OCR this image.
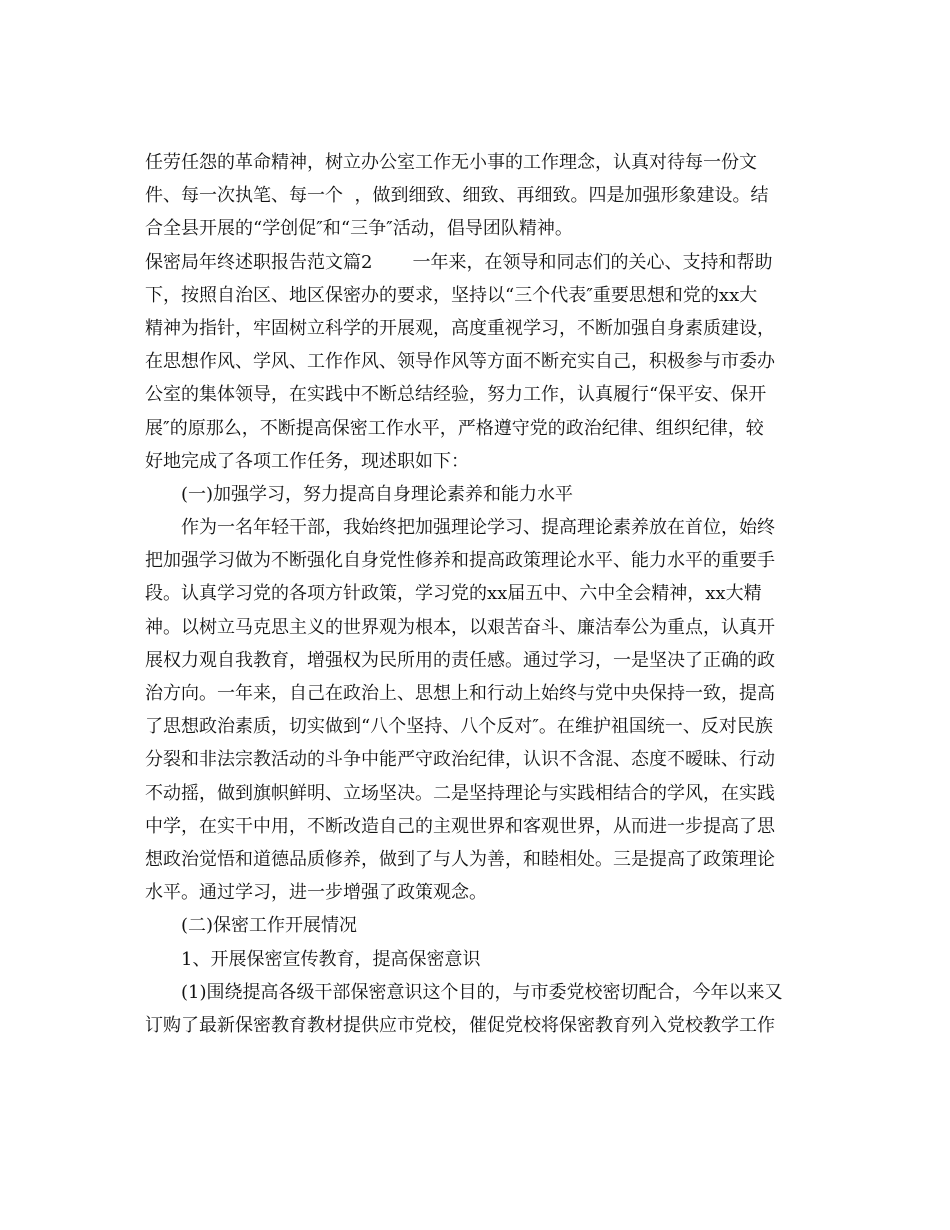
任劳任怨的革命精神，树立办公室工作无小事的工作理念，认真对待每一份文
件、每一次执笔、每一个  ，做到细致、细致、再细致。四是加强形象建设。结
合全县开展的“学创促″和“三争″活动，倡导团队精神。
保密局年终述职报告范文篇2       一年来，在领导和同志们的关心、支持和帮助
下，按照自治区、地区保密办的要求，坚持以“三个代表″重要思想和党的xx大
精神为指针，牢固树立科学的开展观，高度重视学习，不断加强自身素质建设，
在思想作风、学风、工作作风、领导作风等方面不断充实自己，积极参与市委办
公室的集体领导，在实践中不断总结经验，努力工作，认真履行“保平安、保开
展″的原那么，不断提高保密工作水平，严格遵守党的政治纪律、组织纪律，较
好地完成了各项工作任务，现述职如下：
(一)加强学习，努力提高自身理论素养和能力水平
作为一名年轻干部，我始终把加强理论学习、提高理论素养放在首位，始终
把加强学习做为不断强化自身党性修养和提高政策理论水平、能力水平的重要手
段。认真学习党的各项方针政策，学习党的xx届五中、六中全会精神，xx大精
神。以树立马克思主义的世界观为根本，以艰苦奋斗、廉洁奉公为重点，认真开
展权力观自我教育，增强权为民所用的责任感。通过学习，一是坚决了正确的政
治方向。一年来，自己在政治上、思想上和行动上始终与党中央保持一致，提高
了思想政治素质，切实做到“八个坚持、八个反对″。在维护祖国统一、反对民族
分裂和非法宗教活动的斗争中能严守政治纪律，认识不含混、态度不暧昧、行动
不动摇，做到旗帜鲜明、立场坚决。二是坚持理论与实践相结合的学风，在实践
中学，在实干中用，不断改造自己的主观世界和客观世界，从而进一步提高了思
想政治觉悟和道德品质修养，做到了与人为善，和睦相处。三是提高了政策理论
水平。通过学习，进一步增强了政策观念。
(二)保密工作开展情况
1、开展保密宣传教育，提高保密意识
(1)围绕提高各级干部保密意识这个目的，与市委党校密切配合，今年以来又
订购了最新保密教育教材提供应市党校，催促党校将保密教育列入党校教学工作
